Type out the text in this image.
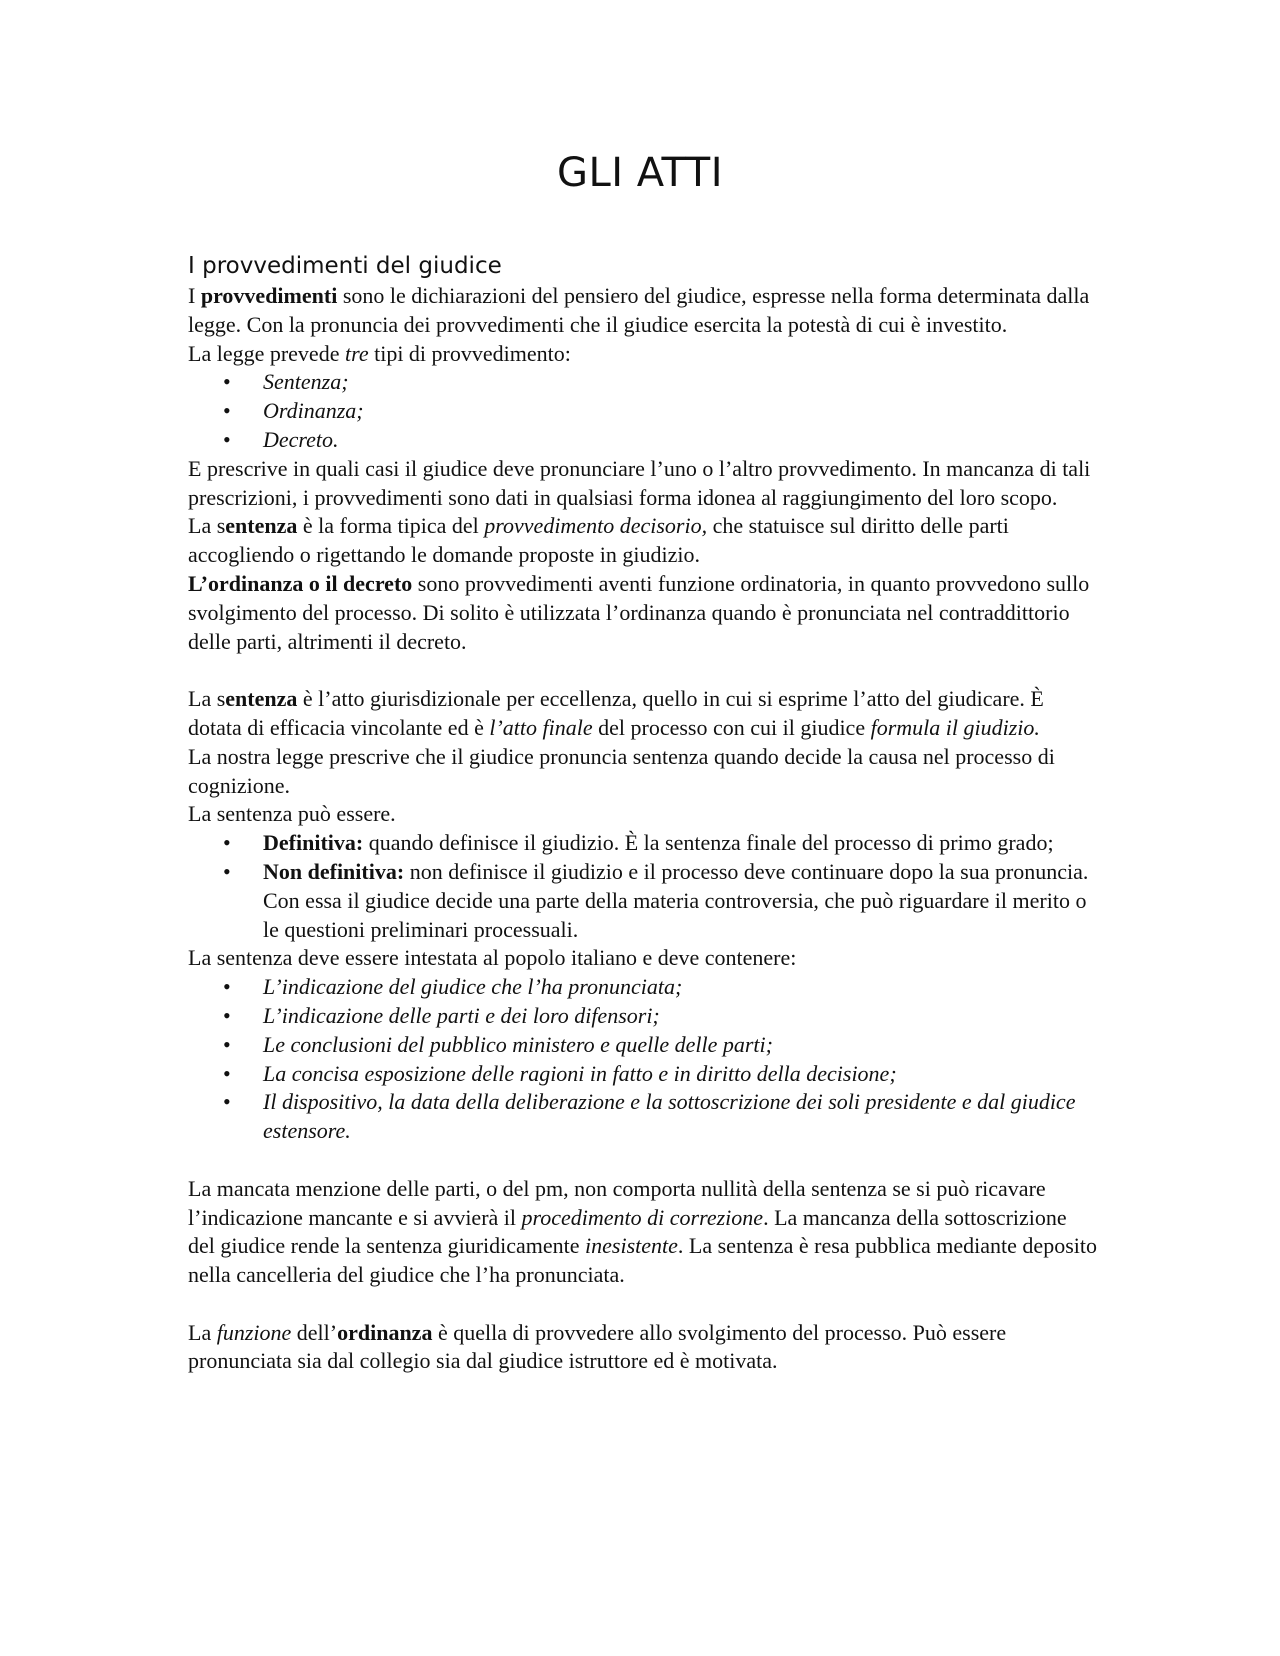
GLI ATTI
I provvedimenti del giudice

I provvedimenti sono le dichiarazioni del pensiero del giudice, espresse nella forma determinata dalla legge. Con la pronuncia dei provvedimenti che il giudice esercita la potestà di cui è investito.

La legge prevede tre tipi di provvedimento:

• Sentenza;
• Ordinanza;
• Decreto.

E prescrive in quali casi il giudice deve pronunciare l’uno o l’altro provvedimento. In mancanza di tali prescrizioni, i provvedimenti sono dati in qualsiasi forma idonea al raggiungimento del loro scopo.

La sentenza è la forma tipica del provvedimento decisorio, che statuisce sul diritto delle parti accogliendo o rigettando le domande proposte in giudizio.

L’ordinanza o il decreto sono provvedimenti aventi funzione ordinatoria, in quanto provvedono sullo svolgimento del processo. Di solito è utilizzata l’ordinanza quando è pronunciata nel contraddittorio delle parti, altrimenti il decreto.

La sentenza è l’atto giurisdizionale per eccellenza, quello in cui si esprime l’atto del giudicare. È dotata di efficacia vincolante ed è l’atto finale del processo con cui il giudice formula il giudizio.

La nostra legge prescrive che il giudice pronuncia sentenza quando decide la causa nel processo di cognizione.

La sentenza può essere.

• Definitiva: quando definisce il giudizio. È la sentenza finale del processo di primo grado;
• Non definitiva: non definisce il giudizio e il processo deve continuare dopo la sua pronuncia. Con essa il giudice decide una parte della materia controversia, che può riguardare il merito o le questioni preliminari processuali.

La sentenza deve essere intestata al popolo italiano e deve contenere:

• L’indicazione del giudice che l’ha pronunciata;
• L’indicazione delle parti e dei loro difensori;
• Le conclusioni del pubblico ministero e quelle delle parti;
• La concisa esposizione delle ragioni in fatto e in diritto della decisione;
• Il dispositivo, la data della deliberazione e la sottoscrizione dei soli presidente e dal giudice estensore.

La mancata menzione delle parti, o del pm, non comporta nullità della sentenza se si può ricavare l’indicazione mancante e si avvierà il procedimento di correzione. La mancanza della sottoscrizione del giudice rende la sentenza giuridicamente inesistente. La sentenza è resa pubblica mediante deposito nella cancelleria del giudice che l’ha pronunciata.

La funzione dell’ordinanza è quella di provvedere allo svolgimento del processo. Può essere pronunciata sia dal collegio sia dal giudice istruttore ed è motivata.
